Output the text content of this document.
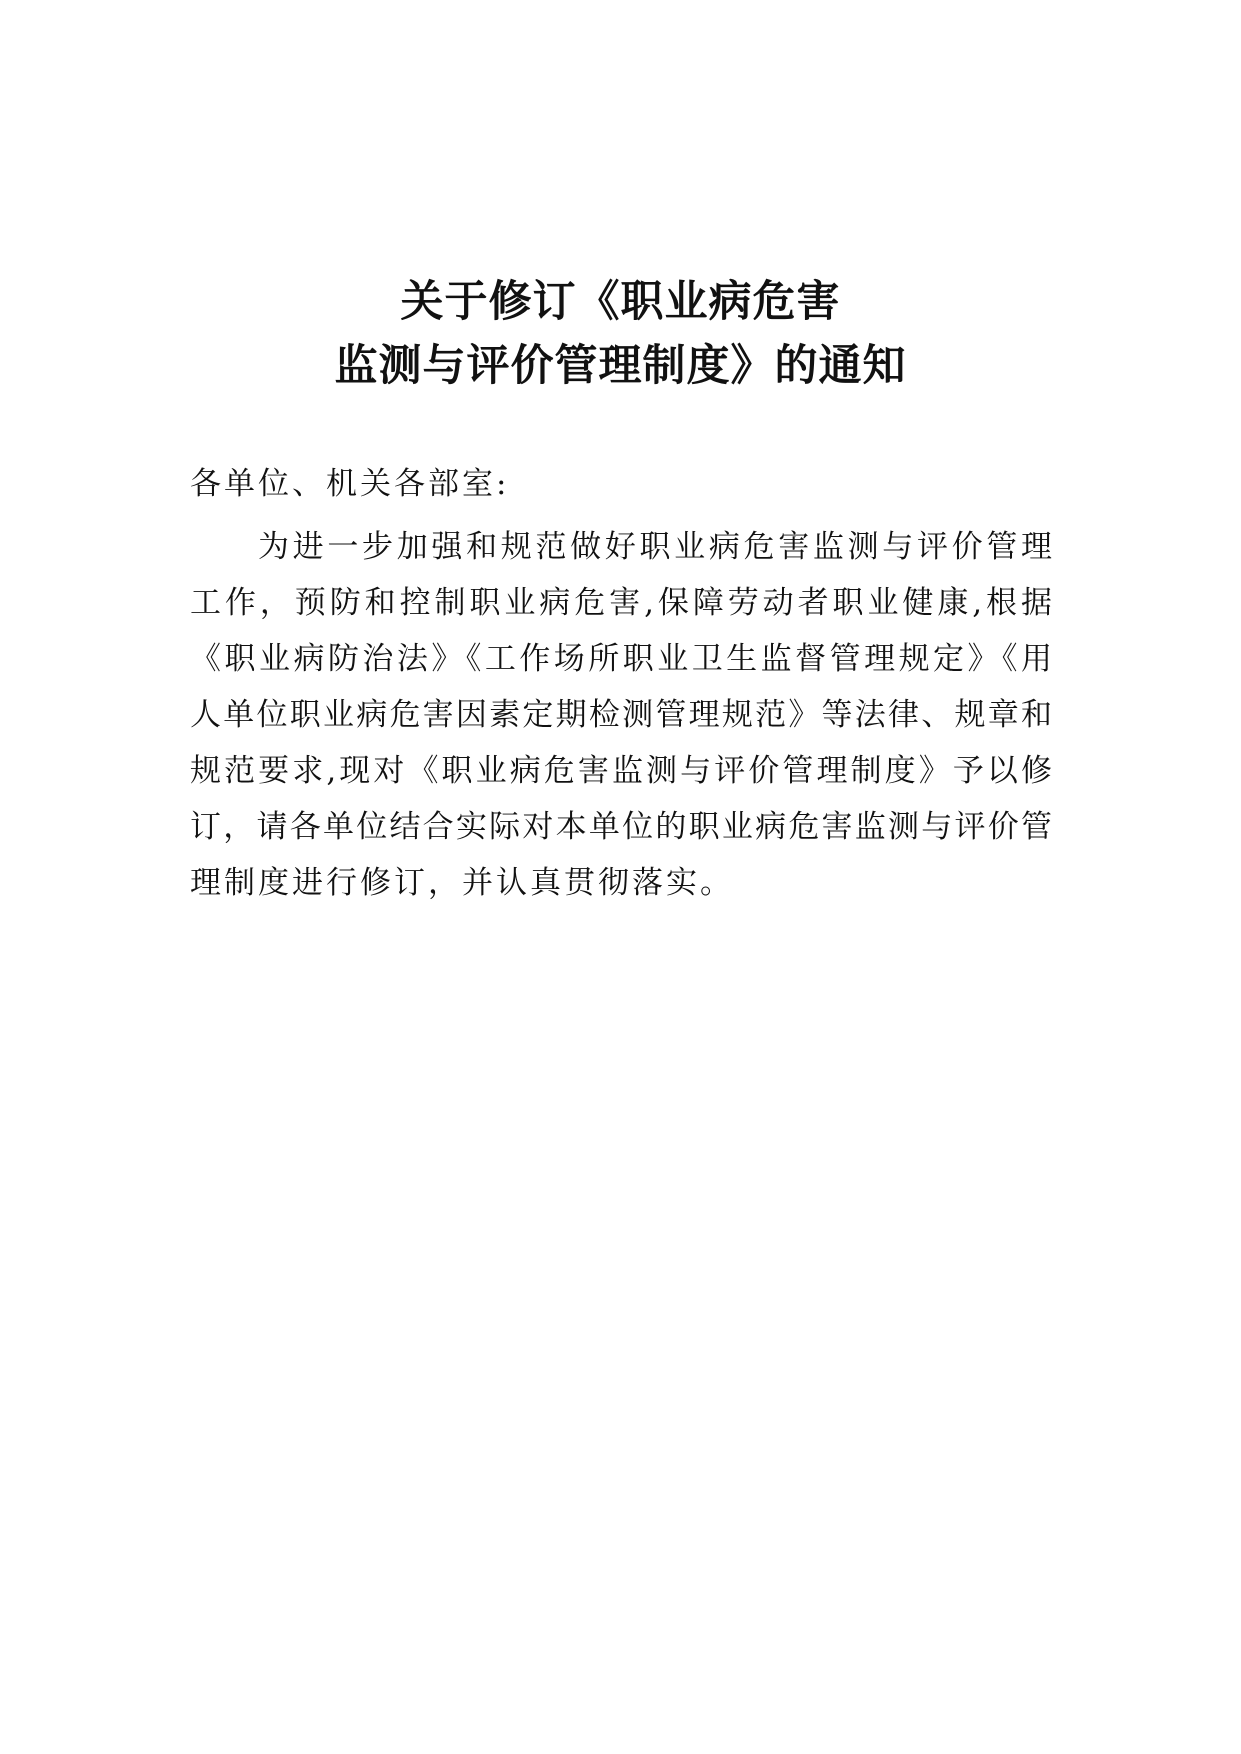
关于修订《职业病危害
监测与评价管理制度》的通知
各单位、机关各部室:
为进一步加强和规范做好职业病危害监测与评价管理
工作，预防和控制职业病危害,保障劳动者职业健康,根据
《职业病防治法》《工作场所职业卫生监督管理规定》《用
人单位职业病危害因素定期检测管理规范》等法律、规章和
规范要求,现对《职业病危害监测与评价管理制度》予以修
订，请各单位结合实际对本单位的职业病危害监测与评价管
理制度进行修订，并认真贯彻落实。
